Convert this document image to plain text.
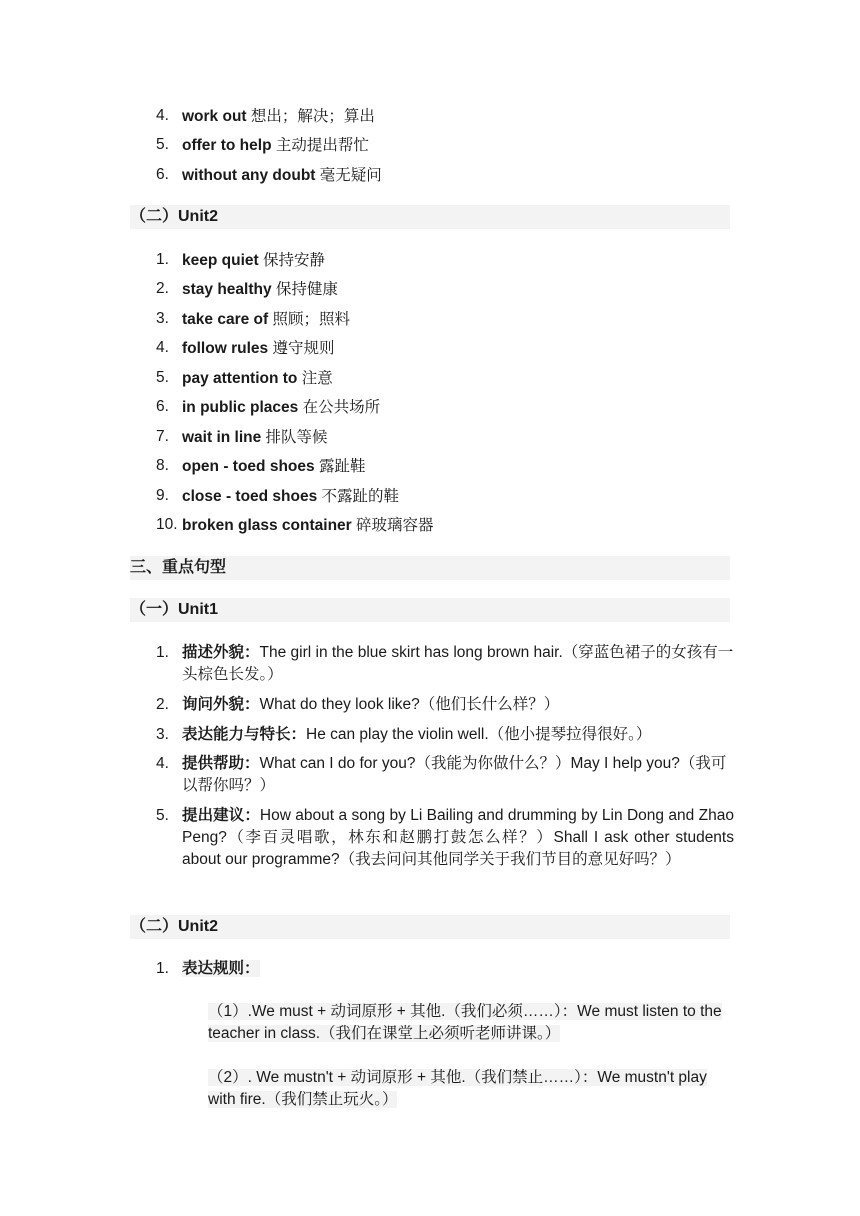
4. work out 想出；解决；算出
5. offer to help 主动提出帮忙
6. without any doubt 毫无疑问
（二）Unit2
1. keep quiet 保持安静
2. stay healthy 保持健康
3. take care of 照顾；照料
4. follow rules 遵守规则
5. pay attention to 注意
6. in public places 在公共场所
7. wait in line 排队等候
8. open - toed shoes 露趾鞋
9. close - toed shoes 不露趾的鞋
10. broken glass container 碎玻璃容器
三、重点句型
（一）Unit1
1. 描述外貌：The girl in the blue skirt has long brown hair.（穿蓝色裙子的女孩有一头棕色长发。）
2. 询问外貌：What do they look like?（他们长什么样？）
3. 表达能力与特长：He can play the violin well.（他小提琴拉得很好。）
4. 提供帮助：What can I do for you?（我能为你做什么？）May I help you?（我可以帮你吗？）
5. 提出建议：How about a song by Li Bailing and drumming by Lin Dong and Zhao Peng?（李百灵唱歌，林东和赵鹏打鼓怎么样？）Shall I ask other students about our programme?（我去问问其他同学关于我们节目的意见好吗？）
（二）Unit2
1. 表达规则：
（1）.We must + 动词原形 + 其他.（我们必须……）：We must listen to the teacher in class.（我们在课堂上必须听老师讲课。）
（2）. We mustn't + 动词原形 + 其他.（我们禁止……）：We mustn't play with fire.（我们禁止玩火。）
